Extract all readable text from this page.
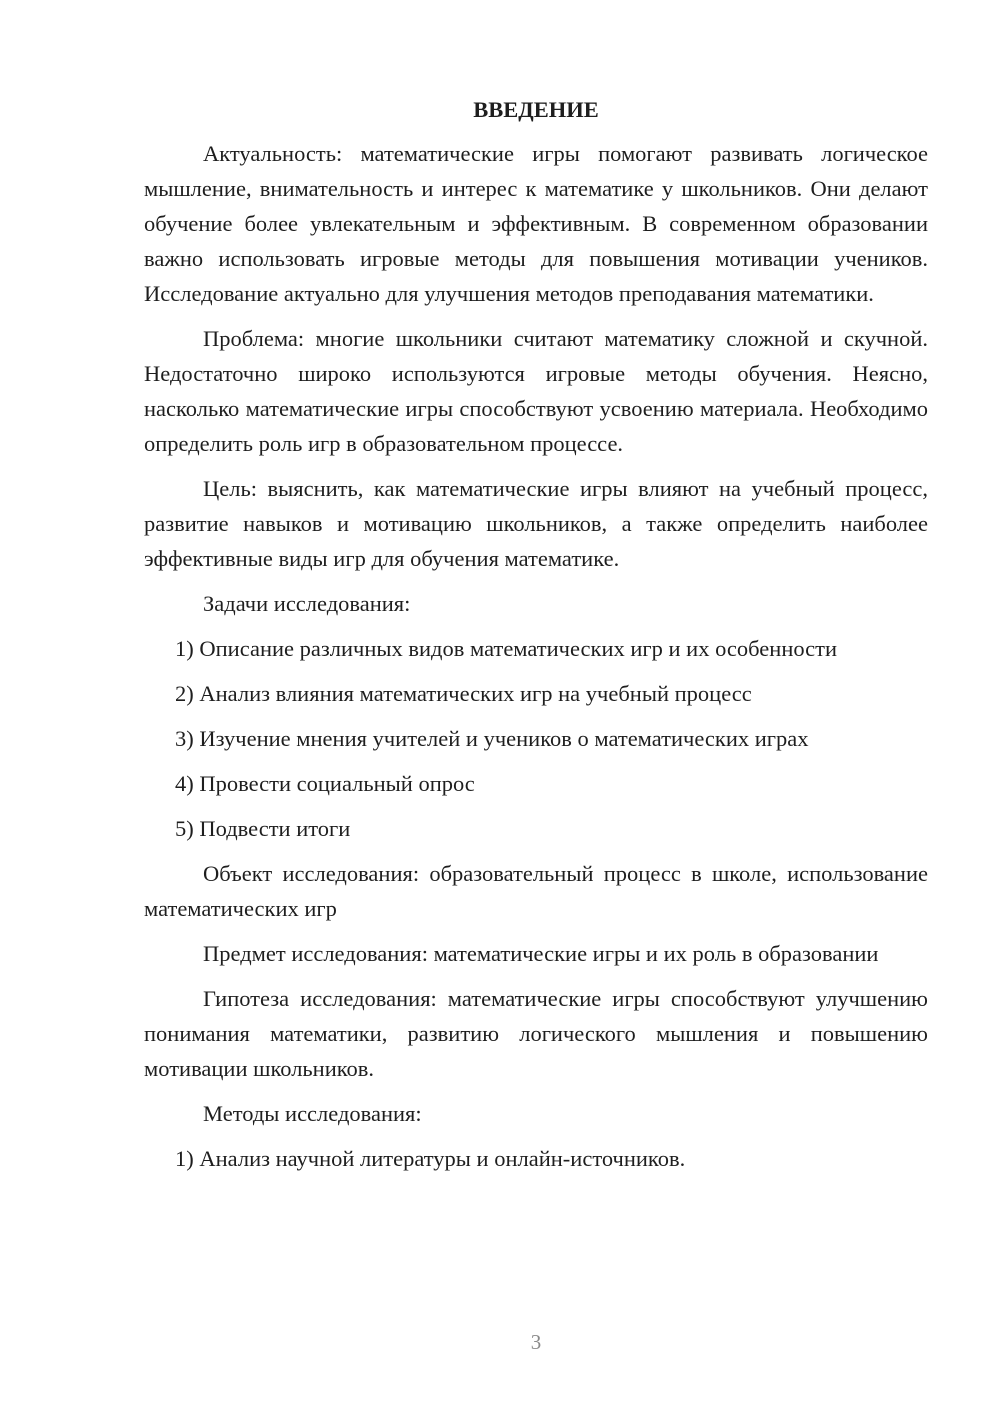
ВВЕДЕНИЕ

Актуальность: математические игры помогают развивать логическое мышление, внимательность и интерес к математике у школьников. Они делают обучение более увлекательным и эффективным. В современном образовании важно использовать игровые методы для повышения мотивации учеников. Исследование актуально для улучшения методов преподавания математики.

Проблема: многие школьники считают математику сложной и скучной. Недостаточно широко используются игровые методы обучения. Неясно, насколько математические игры способствуют усвоению материала. Необходимо определить роль игр в образовательном процессе.

Цель: выяснить, как математические игры влияют на учебный процесс, развитие навыков и мотивацию школьников, а также определить наиболее эффективные виды игр для обучения математике.

Задачи исследования:

1) Описание различных видов математических игр и их особенности

2) Анализ влияния математических игр на учебный процесс

3) Изучение мнения учителей и учеников о математических играх

4) Провести социальный опрос

5) Подвести итоги

Объект исследования: образовательный процесс в школе, использование математических игр

Предмет исследования: математические игры и их роль в образовании

Гипотеза исследования: математические игры способствуют улучшению понимания математики, развитию логического мышления и повышению мотивации школьников.

Методы исследования:

1) Анализ научной литературы и онлайн-источников.

3
